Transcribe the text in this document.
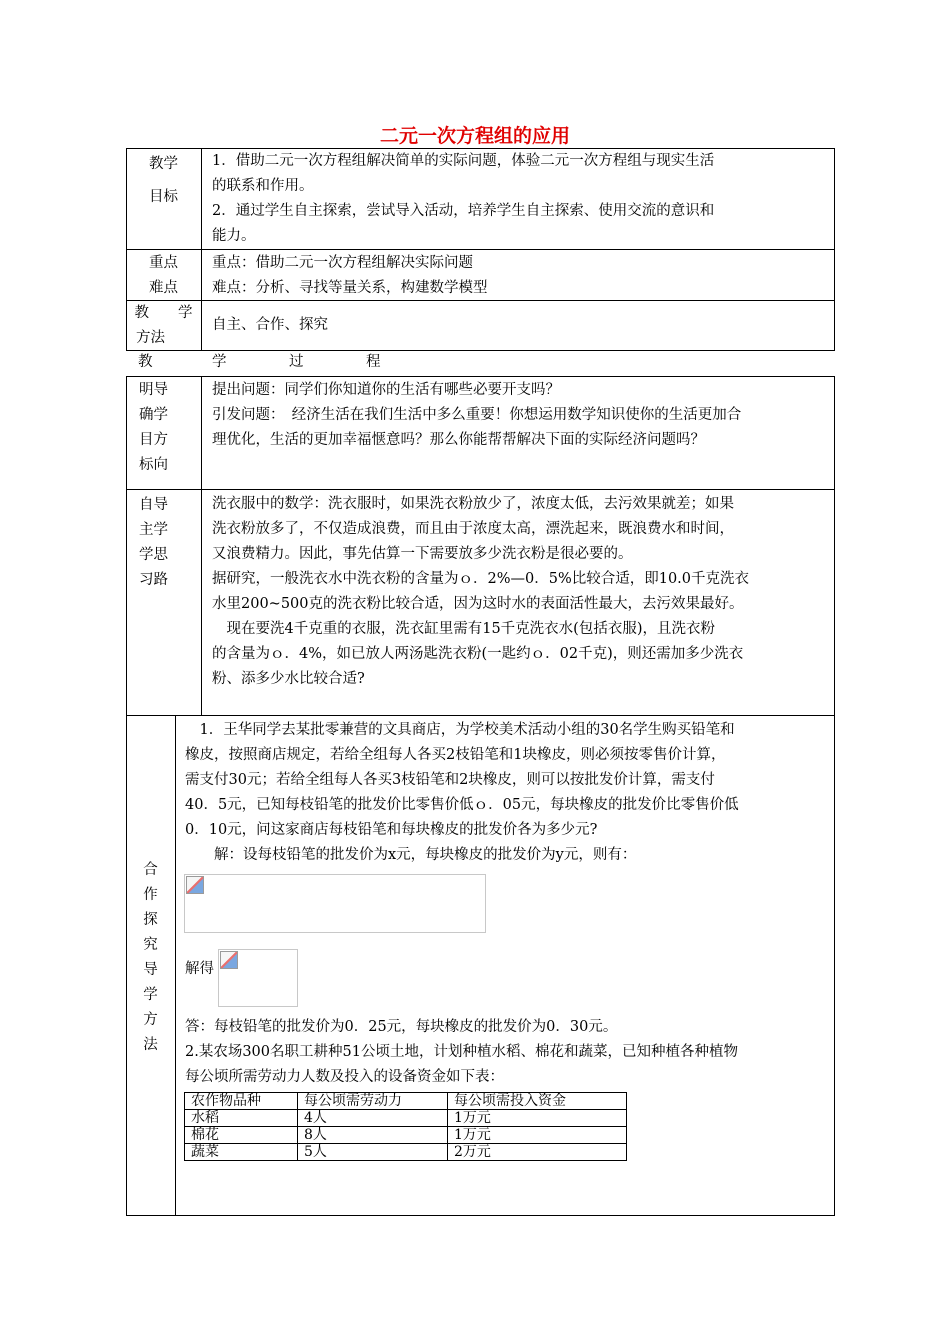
二元一次方程组的应用
教学
目标
1．借助二元一次方程组解决简单的实际问题，体验二元一次方程组与现实生活
的联系和作用。
2．通过学生自主探索，尝试导入活动，培养学生自主探索、使用交流的意识和
能力。
重点
难点
重点：借助二元一次方程组解决实际问题
难点：分析、寻找等量关系，构建数学模型
教　　学
方法
自主、合作、探究
教	学	过	程
明导
确学
目方
标向
提出问题：同学们你知道你的生活有哪些必要开支吗？
引发问题：　经济生活在我们生活中多么重要！你想运用数学知识使你的生活更加合
理优化，生活的更加幸福惬意吗？那么你能帮帮解决下面的实际经济问题吗？
自导
主学
学思
习路
洗衣服中的数学：洗衣服时，如果洗衣粉放少了，浓度太低，去污效果就差；如果
洗衣粉放多了，不仅造成浪费，而且由于浓度太高，漂洗起来，既浪费水和时间，
又浪费精力。因此，事先估算一下需要放多少洗衣粉是很必要的。
据研究，一般洗衣水中洗衣粉的含量为ｏ．2%—0．5%比较合适，即10.0千克洗衣
水里200~500克的洗衣粉比较合适，因为这时水的表面活性最大，去污效果最好。
　现在要洗4千克重的衣服，洗衣缸里需有15千克洗衣水(包括衣服)，且洗衣粉
的含量为ｏ．4%，如已放人两汤匙洗衣粉(一匙约ｏ．02千克)，则还需加多少洗衣
粉、添多少水比较合适?
合
作
探
究
导
学
方
法
　1．王华同学去某批零兼营的文具商店，为学校美术活动小组的30名学生购买铅笔和
橡皮，按照商店规定，若给全组每人各买2枝铅笔和1块橡皮，则必须按零售价计算，
需支付30元；若给全组每人各买3枝铅笔和2块橡皮，则可以按批发价计算，需支付
40．5元，已知每枝铅笔的批发价比零售价低ｏ．05元，每块橡皮的批发价比零售价低
0．10元，问这家商店每枝铅笔和每块橡皮的批发价各为多少元?
　　解：设每枝铅笔的批发价为x元，每块橡皮的批发价为y元，则有：
解得
答：每枝铅笔的批发价为0．25元，每块橡皮的批发价为0．30元。
2.某农场300名职工耕种51公顷土地，计划种植水稻、棉花和蔬菜，已知种植各种植物
每公顷所需劳动力人数及投入的设备资金如下表：
农作物品种	每公顷需劳动力	每公顷需投入资金
水稻	4人	1万元
棉花	8人	1万元
蔬菜	5人	2万元
